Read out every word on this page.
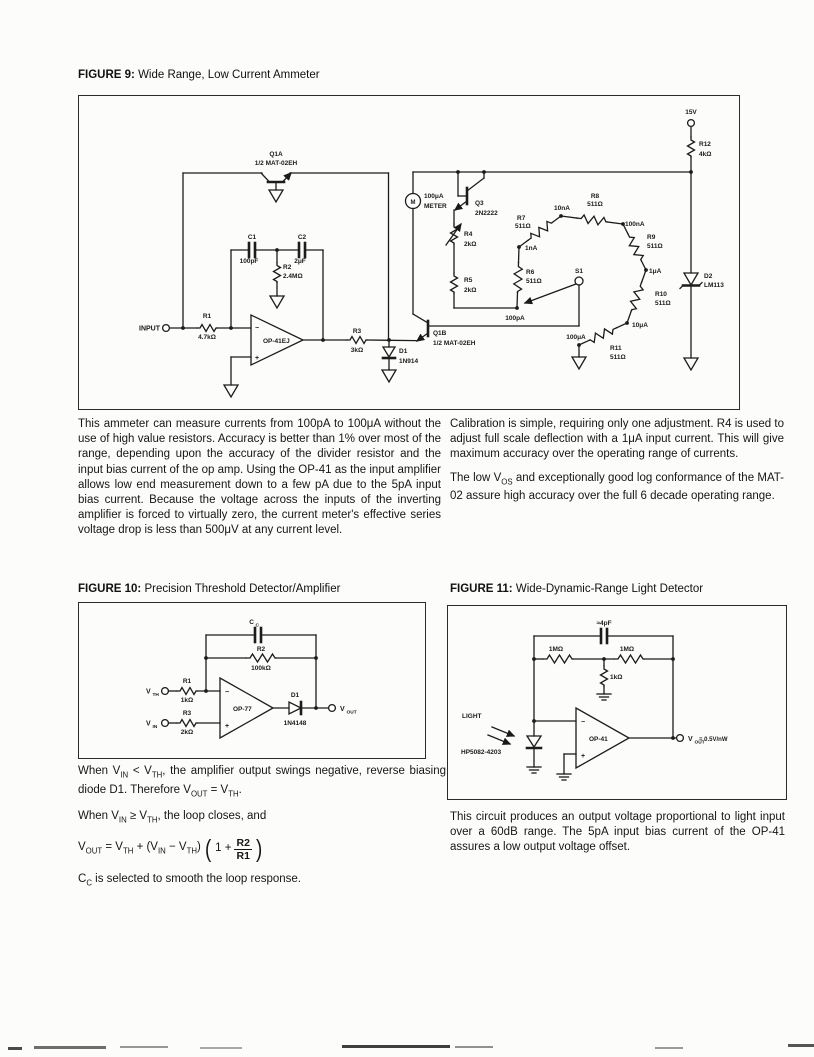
FIGURE 9: Wide Range, Low Current Ammeter
Q1A
1/2 MAT-02EH
INPUT
R1
4.7kΩ
C1
100pF
C2
2μF
R2
2.4MΩ
−
+
OP-41EJ
R3
3kΩ	D1
1N914
Q1B
1/2 MAT-02EH
M
100μA
METER	Q3
2N2222
R4
2kΩ
R5
2kΩ
R6
511Ω
R7
511Ω
R8
511Ω
R9
511Ω
R10
511Ω
R11
511Ω
100pA
1nA
10nA
100nA
1μA
10μA
100μA
S1
15V
R12
4kΩ
D2
LM113

This ammeter can measure currents from 100pA to 100μA without the use of high value resistors. Accuracy is better than 1% over most of the range, depending upon the accuracy of the divider resistor and the input bias current of the op amp. Using the OP-41 as the input amplifier allows low end measurement down to a few pA due to the 5pA input bias current. Because the voltage across the inputs of the inverting amplifier is forced to virtually zero, the current meter's effective series voltage drop is less than 500μV at any current level.

Calibration is simple, requiring only one adjustment. R4 is used to adjust full scale deflection with a 1μA input current. This will give maximum accuracy over the operating range of currents.

The low $V_{OS}$ and exceptionally good log conformance of the MAT-02 assure high accuracy over the full 6 decade operating range.

FIGURE 10: Precision Threshold Detector/Amplifier
C C
R2
100kΩ
V TH
R1
1kΩ
V IN
R3
2kΩ
−
+
OP-77
D1
1N4148
V OUT

When $V_{IN} < V_{TH}$, the amplifier output swings negative, reverse biasing diode D1. Therefore $V_{OUT} = V_{TH}$.

When $V_{IN} \ge V_{TH}$, the loop closes, and

$V_{OUT} = V_{TH} + (V_{IN} - V_{TH})$ ( $1 + \frac{R2}{R1}$ )

$C_C$ is selected to smooth the loop response.

FIGURE 11: Wide-Dynamic-Range Light Detector
≈4pF
1MΩ	1MΩ
1kΩ
LIGHT
HP5082-4203
−
+
OP-41	V OUT
= 0.5V/nW

This circuit produces an output voltage proportional to light input over a 60dB range. The 5pA input bias current of the OP-41 assures a low output voltage offset.
